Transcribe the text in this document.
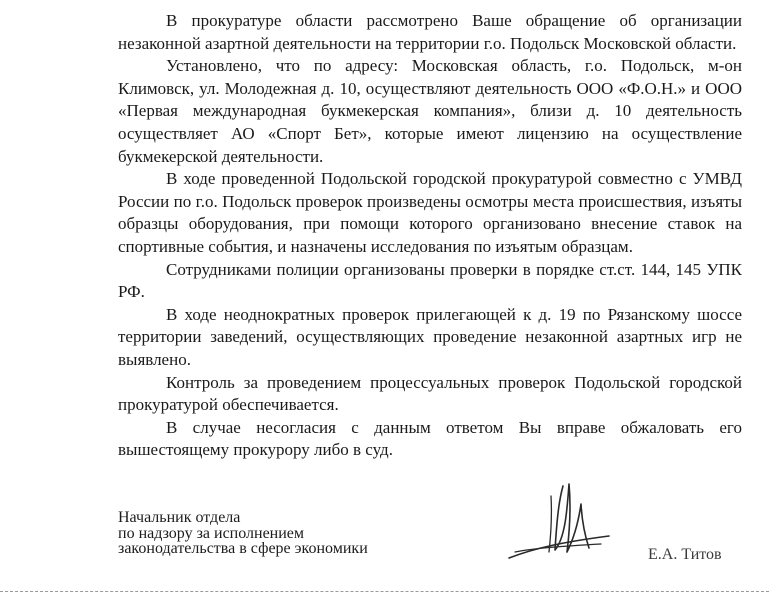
В прокуратуре области рассмотрено Ваше обращение об организации незаконной азартной деятельности на территории г.о. Подольск Московской области.

Установлено, что по адресу: Московская область, г.о. Подольск, м-он Климовск, ул. Молодежная д. 10, осуществляют деятельность ООО «Ф.О.Н.» и ООО «Первая международная букмекерская компания», близи д. 10 деятельность осуществляет АО «Спорт Бет», которые имеют лицензию на осуществление букмекерской деятельности.

В ходе проведенной Подольской городской прокуратурой совместно с УМВД России по г.о. Подольск проверок произведены осмотры места происшествия, изъяты образцы оборудования, при помощи которого организовано внесение ставок на спортивные события, и назначены исследования по изъятым образцам.

Сотрудниками полиции организованы проверки в порядке ст.ст. 144, 145 УПК РФ.

В ходе неоднократных проверок прилегающей к д. 19 по Рязанскому шоссе территории заведений, осуществляющих проведение незаконной азартных игр не выявлено.

Контроль за проведением процессуальных проверок Подольской городской прокуратурой обеспечивается.

В случае несогласия с данным ответом Вы вправе обжаловать его вышестоящему прокурору либо в суд.

Начальник отдела
по надзору за исполнением
законодательства в сфере экономики	Е.А. Титов
